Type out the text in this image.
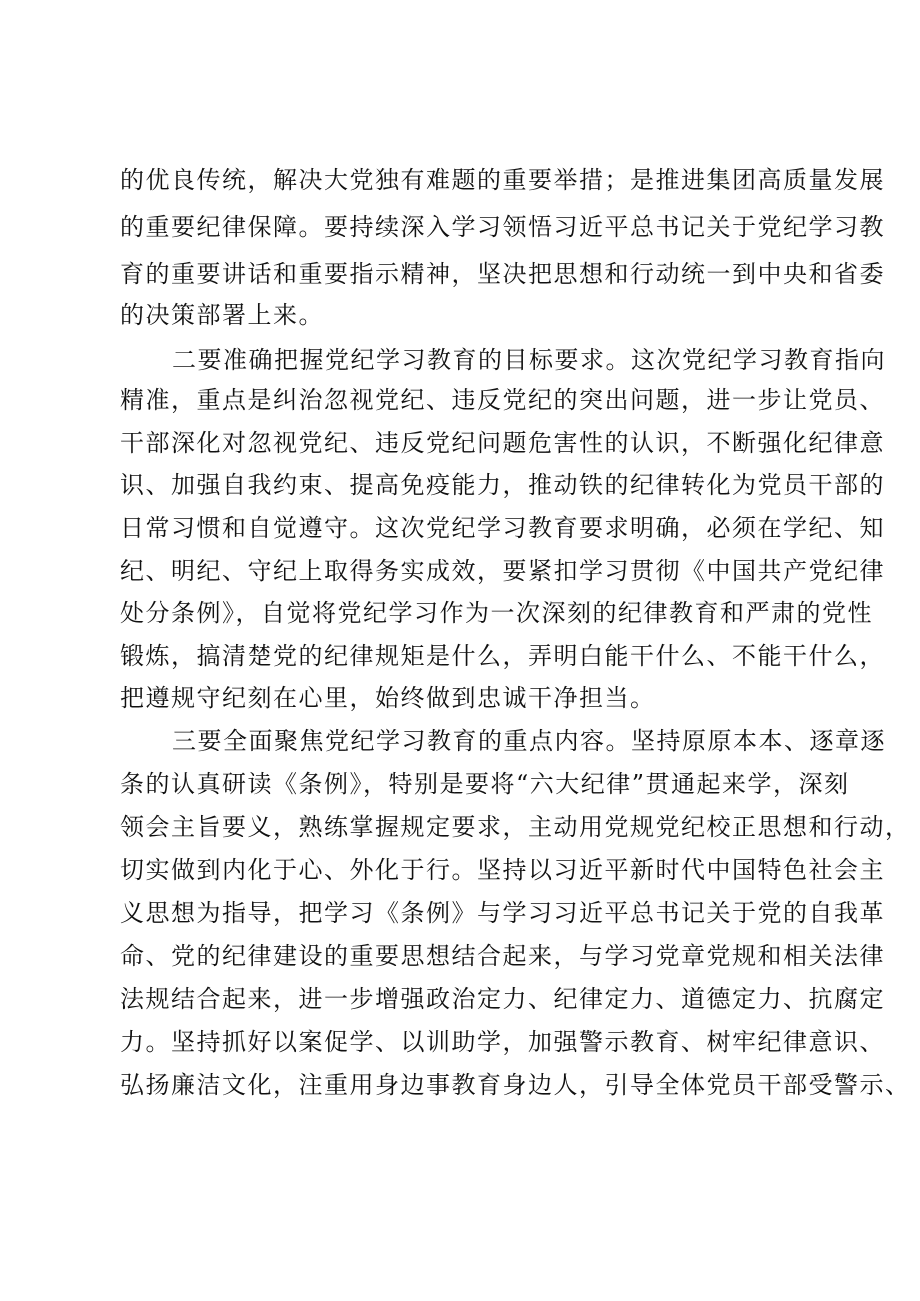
的优良传统，解决大党独有难题的重要举措；是推进集团高质量发展
的重要纪律保障。要持续深入学习领悟习近平总书记关于党纪学习教
育的重要讲话和重要指示精神，坚决把思想和行动统一到中央和省委
的决策部署上来。
二要准确把握党纪学习教育的目标要求。这次党纪学习教育指向
精准，重点是纠治忽视党纪、违反党纪的突出问题，进一步让党员、
干部深化对忽视党纪、违反党纪问题危害性的认识，不断强化纪律意
识、加强自我约束、提高免疫能力，推动铁的纪律转化为党员干部的
日常习惯和自觉遵守。这次党纪学习教育要求明确，必须在学纪、知
纪、明纪、守纪上取得务实成效，要紧扣学习贯彻《中国共产党纪律
处分条例》，自觉将党纪学习作为一次深刻的纪律教育和严肃的党性
锻炼，搞清楚党的纪律规矩是什么，弄明白能干什么、不能干什么，
把遵规守纪刻在心里，始终做到忠诚干净担当。
三要全面聚焦党纪学习教育的重点内容。坚持原原本本、逐章逐
条的认真研读《条例》，特别是要将“六大纪律”贯通起来学，深刻
领会主旨要义，熟练掌握规定要求，主动用党规党纪校正思想和行动，
切实做到内化于心、外化于行。坚持以习近平新时代中国特色社会主
义思想为指导，把学习《条例》与学习习近平总书记关于党的自我革
命、党的纪律建设的重要思想结合起来，与学习党章党规和相关法律
法规结合起来，进一步增强政治定力、纪律定力、道德定力、抗腐定
力。坚持抓好以案促学、以训助学，加强警示教育、树牢纪律意识、
弘扬廉洁文化，注重用身边事教育身边人，引导全体党员干部受警示、
